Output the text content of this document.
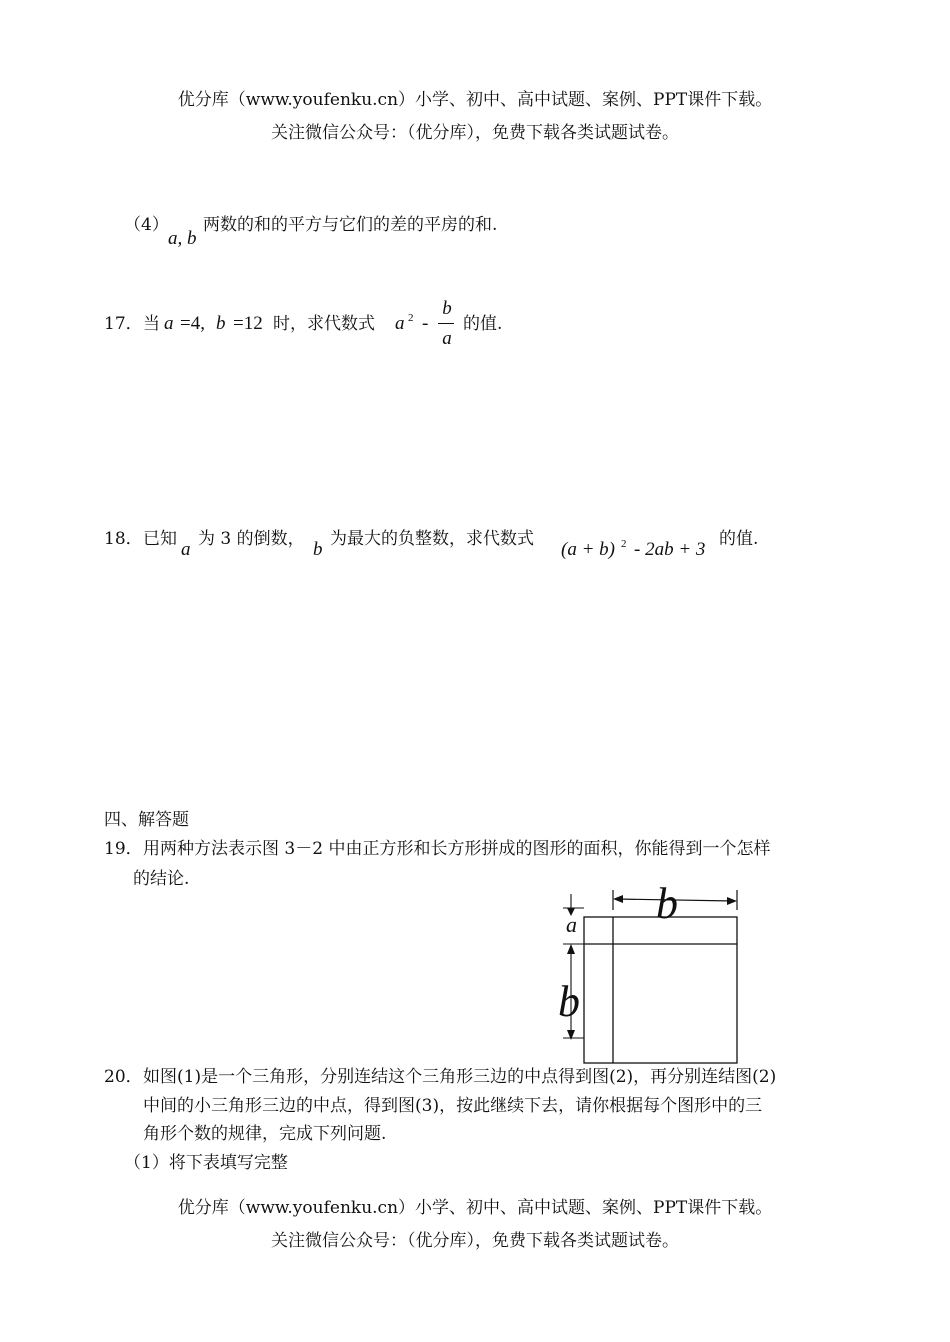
优分库（www.youfenku.cn）小学、初中、高中试题、案例、PPT课件下载。
关注微信公众号：（优分库），免费下载各类试题试卷。
（4）
a, b
两数的和的平方与它们的差的平房的和.
17． 当 a =4, b =12 时，求代数式 a 2 -
b
a
的值.
18． 已知 a 为 3 的倒数， b 为最大的负整数，求代数式 (a + b) 2 - 2ab + 3 的值.
四、解答题
19． 用两种方法表示图 3－2 中由正方形和长方形拼成的图形的面积，你能得到一个怎样
的结论.
a b
b
20． 如图(1)是一个三角形，分别连结这个三角形三边的中点得到图(2)，再分别连结图(2)
中间的小三角形三边的中点，得到图(3)，按此继续下去，请你根据每个图形中的三
角形个数的规律，完成下列问题.
（1）将下表填写完整
优分库（www.youfenku.cn）小学、初中、高中试题、案例、PPT课件下载。
关注微信公众号：（优分库），免费下载各类试题试卷。
